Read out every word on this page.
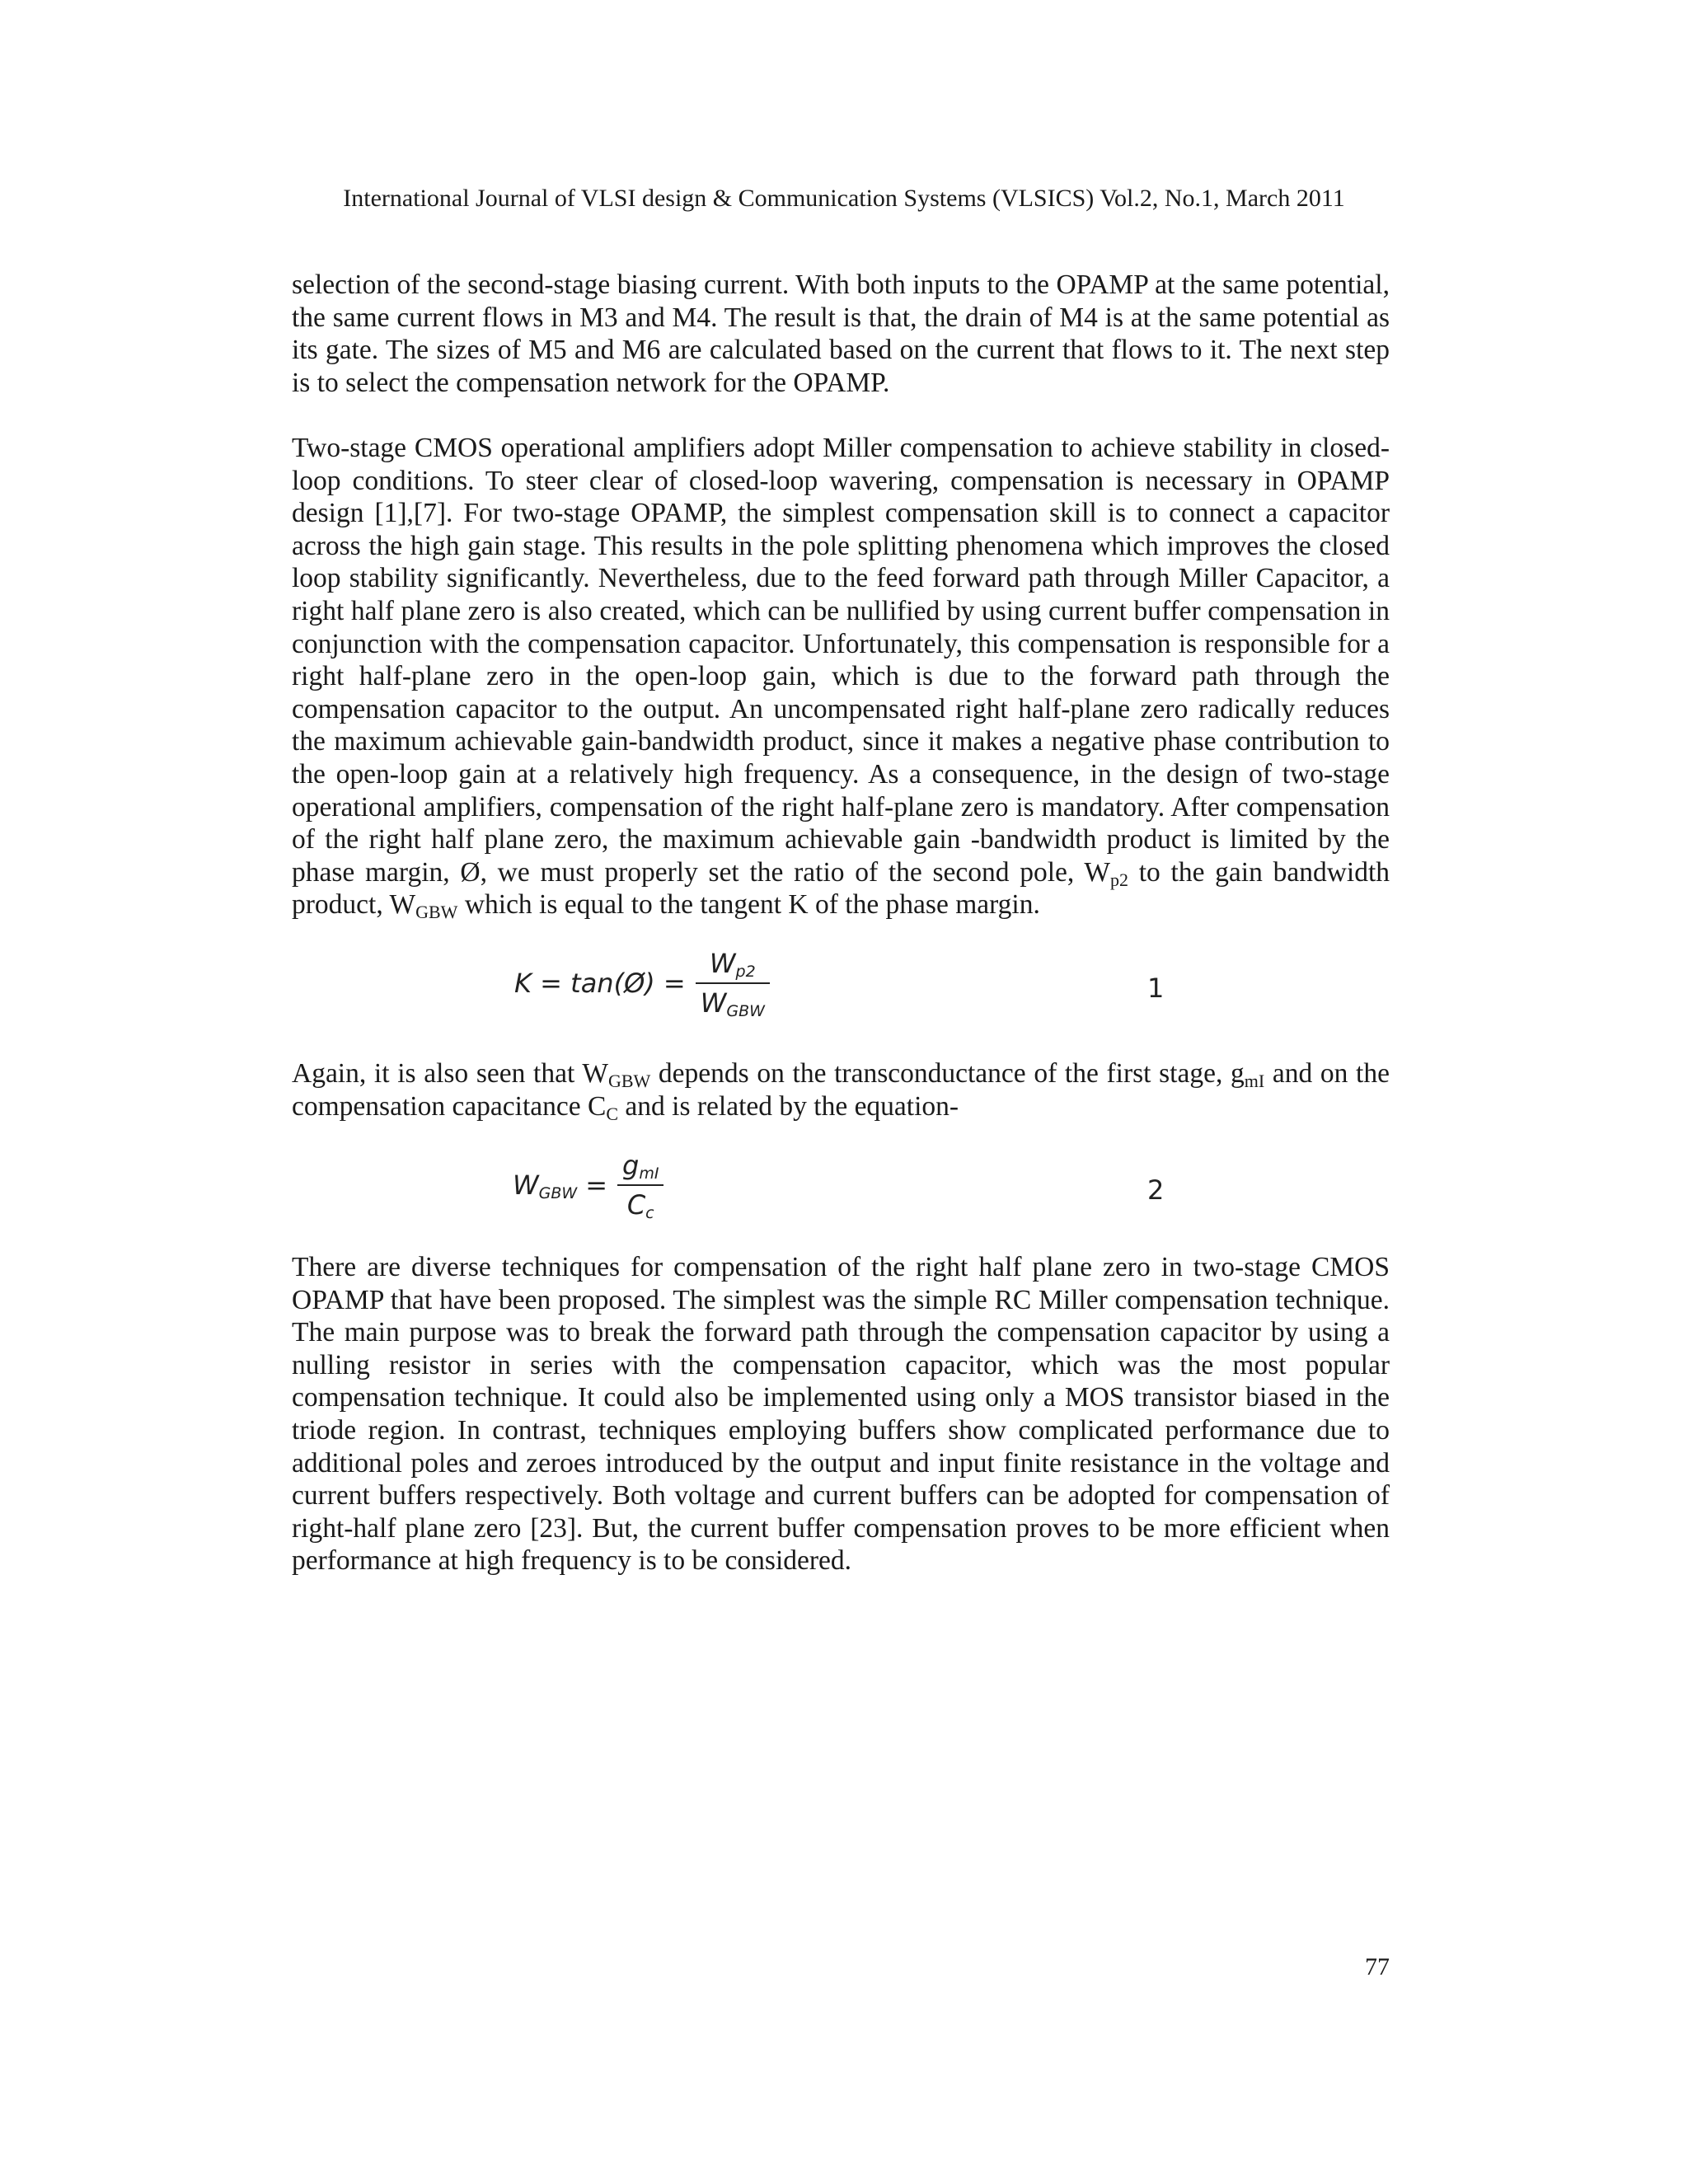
International Journal of VLSI design & Communication Systems (VLSICS) Vol.2, No.1, March 2011

selection of the second-stage biasing current. With both inputs to the OPAMP at the same potential, the same current flows in M3 and M4. The result is that, the drain of M4 is at the same potential as its gate. The sizes of M5 and M6 are calculated based on the current that flows to it. The next step is to select the compensation network for the OPAMP.

Two-stage CMOS operational amplifiers adopt Miller compensation to achieve stability in closed-loop conditions. To steer clear of closed-loop wavering, compensation is necessary in OPAMP design [1],[7]. For two-stage OPAMP, the simplest compensation skill is to connect a capacitor across the high gain stage. This results in the pole splitting phenomena which improves the closed loop stability significantly. Nevertheless, due to the feed forward path through Miller Capacitor, a right half plane zero is also created, which can be nullified by using current buffer compensation in conjunction with the compensation capacitor. Unfortunately, this compensation is responsible for a right half-plane zero in the open-loop gain, which is due to the forward path through the compensation capacitor to the output. An uncompensated right half-plane zero radically reduces the maximum achievable gain-bandwidth product, since it makes a negative phase contribution to the open-loop gain at a relatively high frequency. As a consequence, in the design of two-stage operational amplifiers, compensation of the right half-plane zero is mandatory. After compensation of the right half plane zero, the maximum achievable gain -bandwidth product is limited by the phase margin, Ø, we must properly set the ratio of the second pole, $W_{p2}$ to the gain bandwidth product, $W_{GBW}$ which is equal to the tangent K of the phase margin.

K = tan(Ø) = $\frac{W_{p2}}{W_{GBW}}$	1

Again, it is also seen that $W_{GBW}$ depends on the transconductance of the first stage, $g_{mI}$ and on the compensation capacitance $C_C$ and is related by the equation-

$W_{GBW} = \frac{g_{mI}}{C_c}$	2

There are diverse techniques for compensation of the right half plane zero in two-stage CMOS OPAMP that have been proposed. The simplest was the simple RC Miller compensation technique. The main purpose was to break the forward path through the compensation capacitor by using a nulling resistor in series with the compensation capacitor, which was the most popular compensation technique. It could also be implemented using only a MOS transistor biased in the triode region. In contrast, techniques employing buffers show complicated performance due to additional poles and zeroes introduced by the output and input finite resistance in the voltage and current buffers respectively. Both voltage and current buffers can be adopted for compensation of right-half plane zero [23]. But, the current buffer compensation proves to be more efficient when performance at high frequency is to be considered.

77
